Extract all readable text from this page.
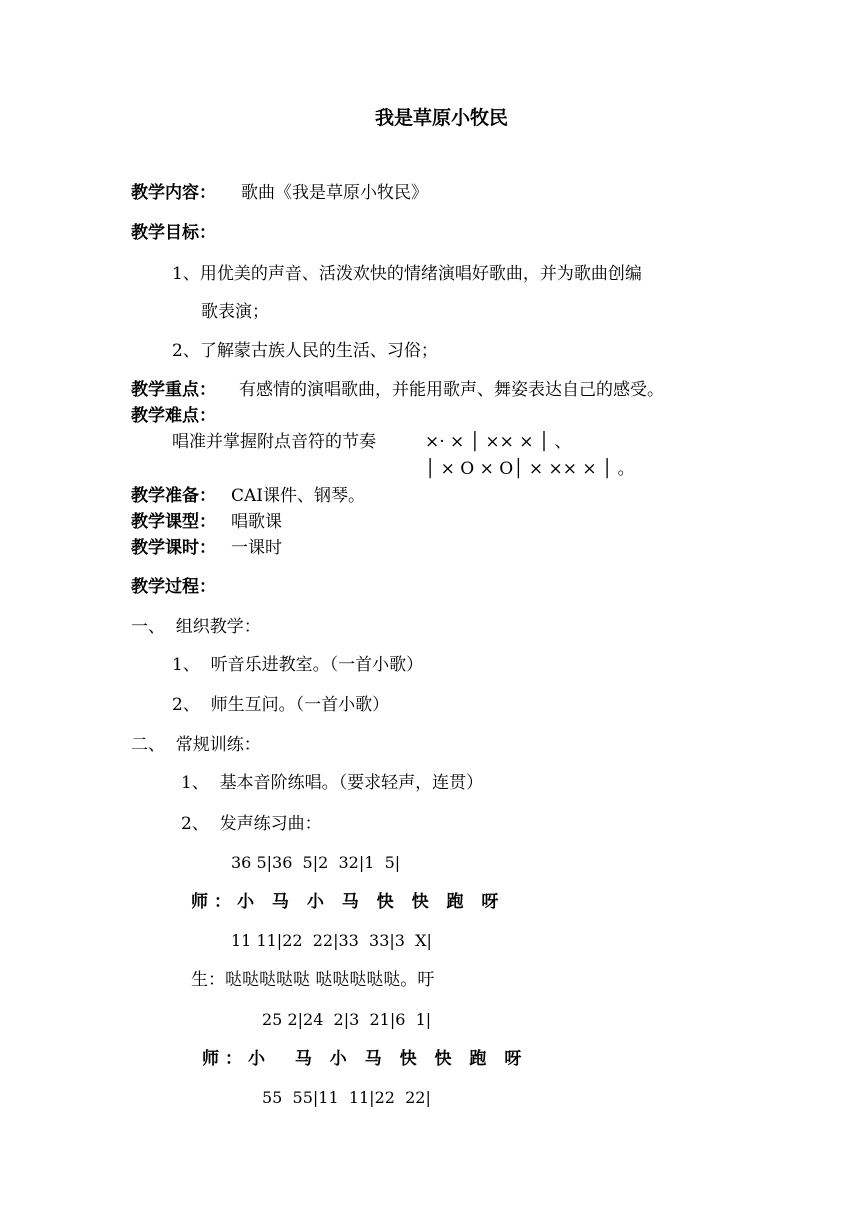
我是草原小牧民
教学内容： 歌曲《我是草原小牧民》
教学目标：
1、用优美的声音、活泼欢快的情绪演唱好歌曲，并为歌曲创编
歌表演；
2、了解蒙古族人民的生活、习俗；
教学重点： 有感情的演唱歌曲，并能用歌声、舞姿表达自己的感受。
教学难点：
唱准并掌握附点音符的节奏	×· × │ ×× × │ 、
│ × O × O│ × ×× × │ 。
教学准备： CAI课件、钢琴。
教学课型： 唱歌课
教学课时： 一课时
教学过程：
一、  组织教学：
1、  听音乐进教室。（一首小歌）
2、  师生互问。（一首小歌）
二、  常规训练：
1、  基本音阶练唱。（要求轻声，连贯）
2、  发声练习曲：
36 5|36  5|2  32|1  5|
师：小 马 小 马 快 快 跑 呀
11 11|22  22|33  33|3  X|
生：哒哒哒哒哒 哒哒哒哒哒。吁
25 2|24  2|3  21|6  1|
师：小  马 小 马 快 快 跑 呀
55  55|11  11|22  22|
